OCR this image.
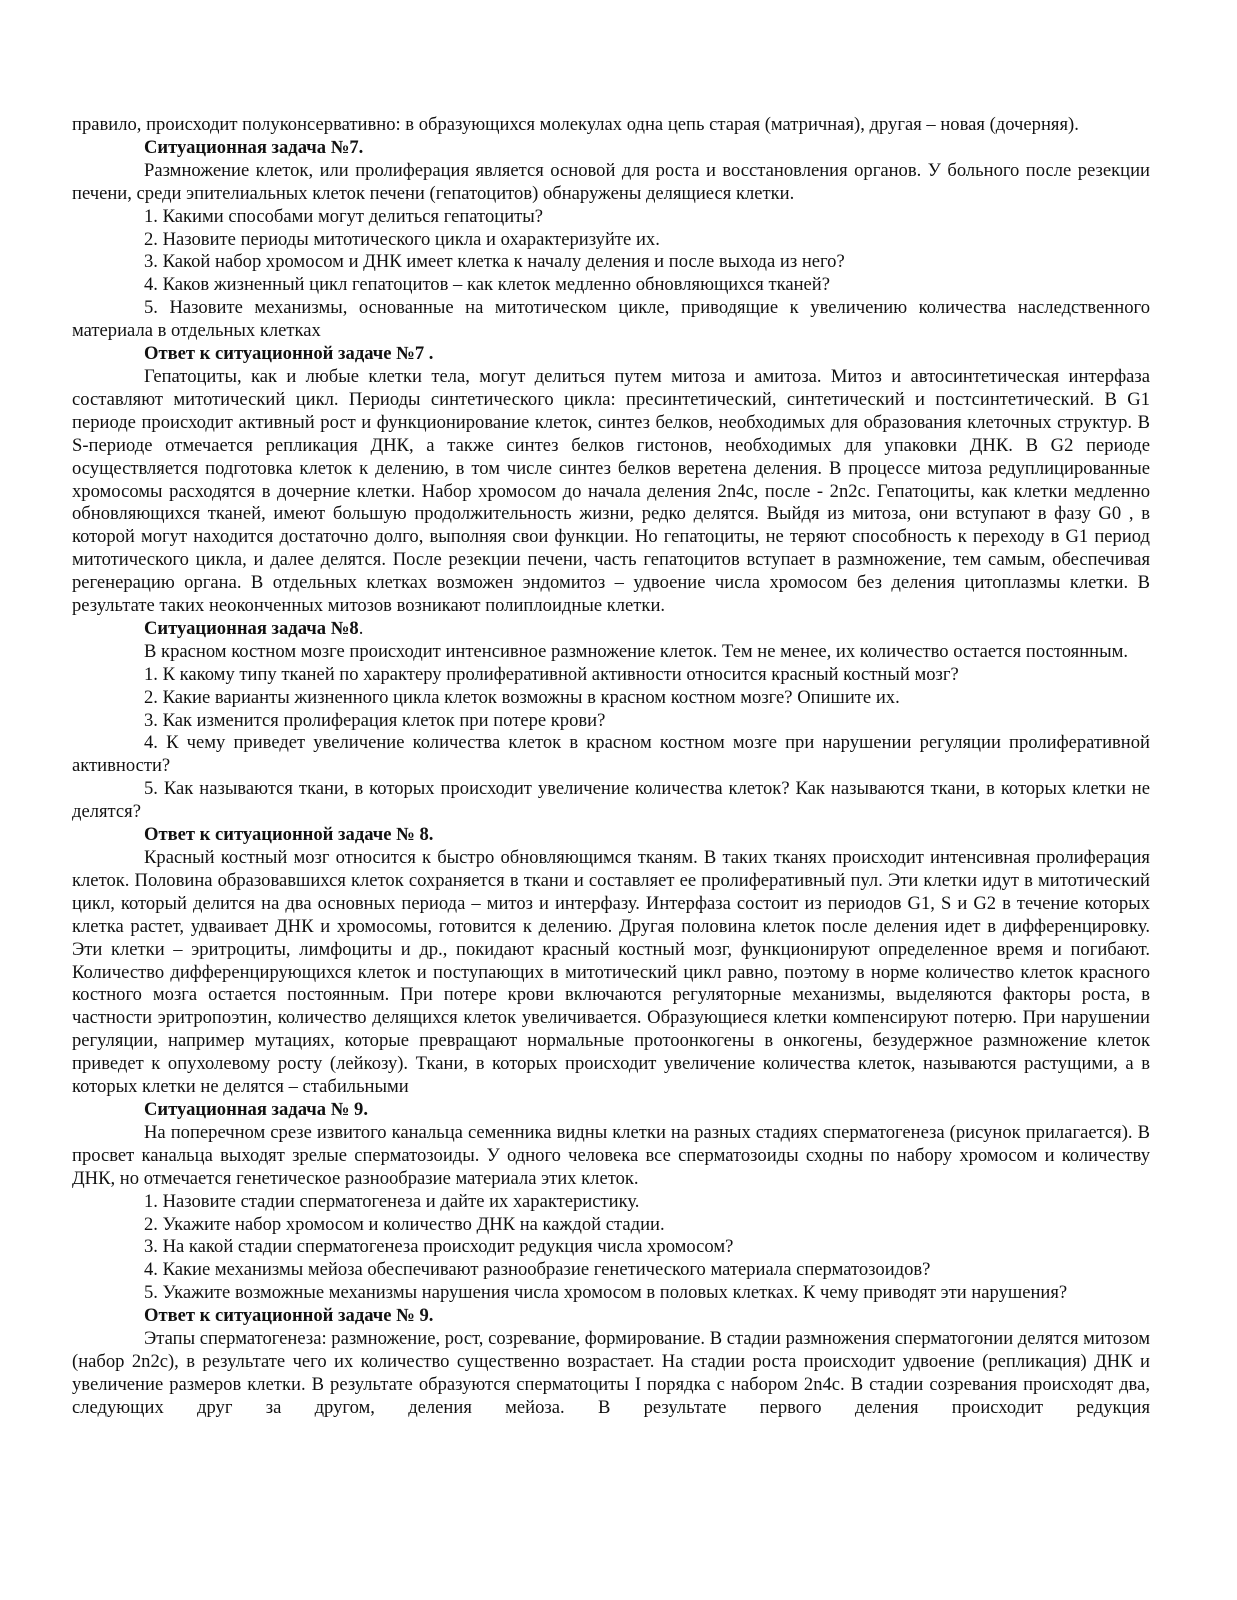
правило, происходит полуконсервативно: в образующихся молекулах одна цепь старая (матричная), другая – новая (дочерняя).

Ситуационная задача №7.

Размножение клеток, или пролиферация является основой для роста и восстановления органов. У больного после резекции печени, среди эпителиальных клеток печени (гепатоцитов) обнаружены делящиеся клетки.

1. Какими способами могут делиться гепатоциты?

2. Назовите периоды митотического цикла и охарактеризуйте их.

3. Какой набор хромосом и ДНК имеет клетка к началу деления и после выхода из него?

4. Каков жизненный цикл гепатоцитов – как клеток медленно обновляющихся тканей?

5. Назовите механизмы, основанные на митотическом цикле, приводящие к увеличению количества наследственного материала в отдельных клетках

Ответ к ситуационной задаче №7 .

Гепатоциты, как и любые клетки тела, могут делиться путем митоза и амитоза. Митоз и автосинтетическая интерфаза составляют митотический цикл. Периоды синтетического цикла: пресинтетический, синтетический и постсинтетический. В G1 периоде происходит активный рост и функционирование клеток, синтез белков, необходимых для образования клеточных структур. В S-периоде отмечается репликация ДНК, а также синтез белков гистонов, необходимых для упаковки ДНК. В G2 периоде осуществляется подготовка клеток к делению, в том числе синтез белков веретена деления. В процессе митоза редуплицированные хромосомы расходятся в дочерние клетки. Набор хромосом до начала деления 2n4c, после - 2n2c. Гепатоциты, как клетки медленно обновляющихся тканей, имеют большую продолжительность жизни, редко делятся. Выйдя из митоза, они вступают в фазу G0 , в которой могут находится достаточно долго, выполняя свои функции. Но гепатоциты, не теряют способность к переходу в G1 период митотического цикла, и далее делятся. После резекции печени, часть гепатоцитов вступает в размножение, тем самым, обеспечивая регенерацию органа. В отдельных клетках возможен эндомитоз – удвоение числа хромосом без деления цитоплазмы клетки. В результате таких неоконченных митозов возникают полиплоидные клетки.

Ситуационная задача №8.

В красном костном мозге происходит интенсивное размножение клеток. Тем не менее, их количество остается постоянным.

1. К какому типу тканей по характеру пролиферативной активности относится красный костный мозг?

2. Какие варианты жизненного цикла клеток возможны в красном костном мозге? Опишите их.

3. Как изменится пролиферация клеток при потере крови?

4. К чему приведет увеличение количества клеток в красном костном мозге при нарушении регуляции пролиферативной активности?

5. Как называются ткани, в которых происходит увеличение количества клеток? Как называются ткани, в которых клетки не делятся?

Ответ к ситуационной задаче № 8.

Красный костный мозг относится к быстро обновляющимся тканям. В таких тканях происходит интенсивная пролиферация клеток. Половина образовавшихся клеток сохраняется в ткани и составляет ее пролиферативный пул. Эти клетки идут в митотический цикл, который делится на два основных периода – митоз и интерфазу. Интерфаза состоит из периодов G1, S и G2 в течение которых клетка растет, удваивает ДНК и хромосомы, готовится к делению. Другая половина клеток после деления идет в дифференцировку. Эти клетки – эритроциты, лимфоциты и др., покидают красный костный мозг, функционируют определенное время и погибают. Количество дифференцирующихся клеток и поступающих в митотический цикл равно, поэтому в норме количество клеток красного костного мозга остается постоянным. При потере крови включаются регуляторные механизмы, выделяются факторы роста, в частности эритропоэтин, количество делящихся клеток увеличивается. Образующиеся клетки компенсируют потерю. При нарушении регуляции, например мутациях, которые превращают нормальные протоонкогены в онкогены, безудержное размножение клеток приведет к опухолевому росту (лейкозу). Ткани, в которых происходит увеличение количества клеток, называются растущими, а в которых клетки не делятся – стабильными

Ситуационная задача № 9.

На поперечном срезе извитого канальца семенника видны клетки на разных стадиях сперматогенеза (рисунок прилагается). В просвет канальца выходят зрелые сперматозоиды. У одного человека все сперматозоиды сходны по набору хромосом и количеству ДНК, но отмечается генетическое разнообразие материала этих клеток.

1. Назовите стадии сперматогенеза и дайте их характеристику.

2. Укажите набор хромосом и количество ДНК на каждой стадии.

3. На какой стадии сперматогенеза происходит редукция числа хромосом?

4. Какие механизмы мейоза обеспечивают разнообразие генетического материала сперматозоидов?

5. Укажите возможные механизмы нарушения числа хромосом в половых клетках. К чему приводят эти нарушения?

Ответ к ситуационной задаче № 9.

Этапы сперматогенеза: размножение, рост, созревание, формирование. В стадии размножения сперматогонии делятся митозом (набор 2n2c), в результате чего их количество существенно возрастает. На стадии роста происходит удвоение (репликация) ДНК и увеличение размеров клетки. В результате образуются сперматоциты I порядка с набором 2n4c. В стадии созревания происходят два, следующих друг за другом, деления мейоза. В результате первого деления происходит редукция
